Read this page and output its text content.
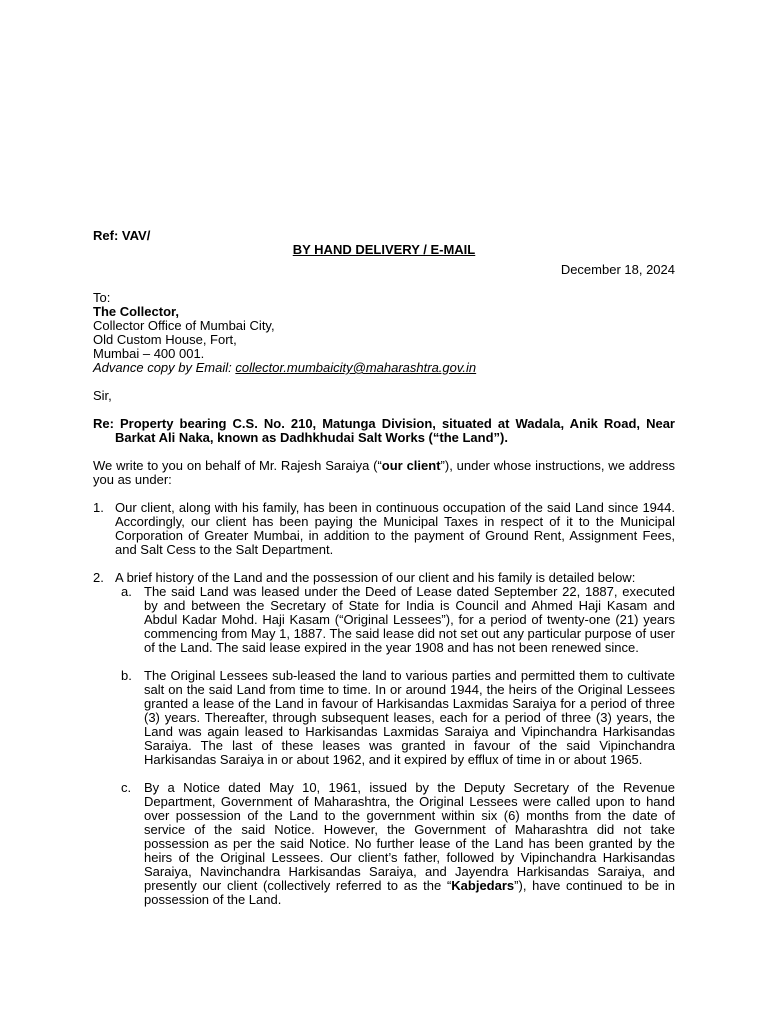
Ref: VAV/
BY HAND DELIVERY / E-MAIL
December 18, 2024
To:
The Collector,
Collector Office of Mumbai City,
Old Custom House, Fort,
Mumbai – 400 001.
Advance copy by Email: collector.mumbaicity@maharashtra.gov.in
Sir,
Re: Property bearing C.S. No. 210, Matunga Division, situated at Wadala, Anik Road, Near
Barkat Ali Naka, known as Dadhkhudai Salt Works (“the Land”).
We write to you on behalf of Mr. Rajesh Saraiya (“our client”), under whose instructions, we address you as under:
1. Our client, along with his family, has been in continuous occupation of the said Land since 1944. Accordingly, our client has been paying the Municipal Taxes in respect of it to the Municipal Corporation of Greater Mumbai, in addition to the payment of Ground Rent, Assignment Fees, and Salt Cess to the Salt Department.
2. A brief history of the Land and the possession of our client and his family is detailed below:
a. The said Land was leased under the Deed of Lease dated September 22, 1887, executed by and between the Secretary of State for India is Council and Ahmed Haji Kasam and Abdul Kadar Mohd. Haji Kasam (“Original Lessees”), for a period of twenty-one (21) years commencing from May 1, 1887. The said lease did not set out any particular purpose of user of the Land. The said lease expired in the year 1908 and has not been renewed since.
b. The Original Lessees sub-leased the land to various parties and permitted them to cultivate salt on the said Land from time to time. In or around 1944, the heirs of the Original Lessees granted a lease of the Land in favour of Harkisandas Laxmidas Saraiya for a period of three (3) years. Thereafter, through subsequent leases, each for a period of three (3) years, the Land was again leased to Harkisandas Laxmidas Saraiya and Vipinchandra Harkisandas Saraiya. The last of these leases was granted in favour of the said Vipinchandra Harkisandas Saraiya in or about 1962, and it expired by efflux of time in or about 1965.
c. By a Notice dated May 10, 1961, issued by the Deputy Secretary of the Revenue Department, Government of Maharashtra, the Original Lessees were called upon to hand over possession of the Land to the government within six (6) months from the date of service of the said Notice. However, the Government of Maharashtra did not take possession as per the said Notice. No further lease of the Land has been granted by the heirs of the Original Lessees. Our client’s father, followed by Vipinchandra Harkisandas Saraiya, Navinchandra Harkisandas Saraiya, and Jayendra Harkisandas Saraiya, and presently our client (collectively referred to as the “Kabjedars”), have continued to be in possession of the Land.
